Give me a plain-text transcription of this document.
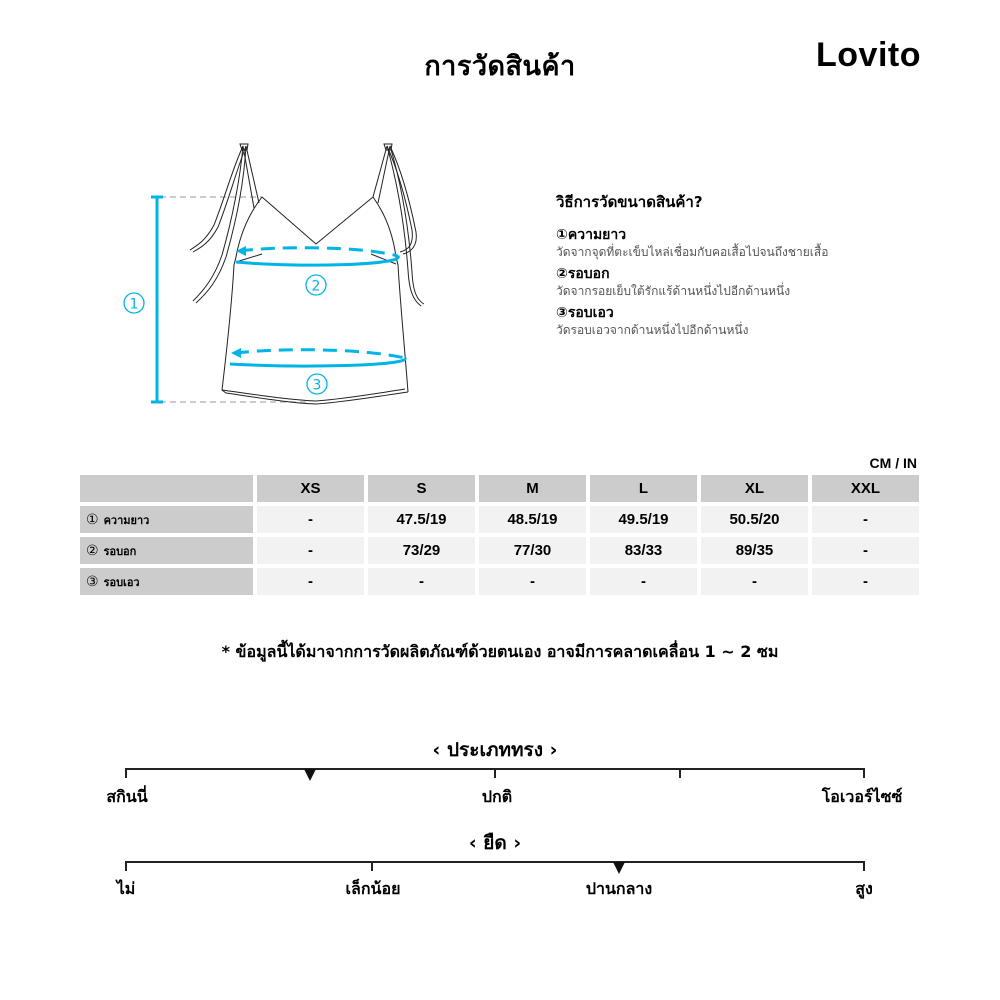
การวัดสินค้า	Lovito
1
2
3
วิธีการวัดขนาดสินค้า?
①ความยาว
วัดจากจุดที่ตะเข็บไหล่เชื่อมกับคอเสื้อไปจนถึงชายเสื้อ
②รอบอก
วัดจากรอยเย็บใต้รักแร้ด้านหนึ่งไปอีกด้านหนึ่ง
③รอบเอว
วัดรอบเอวจากด้านหนึ่งไปอีกด้านหนึ่ง
CM / IN
XS	S	M	L	XL	XXL
① ความยาว	-	47.5/19	48.5/19	49.5/19	50.5/20	-
② รอบอก	-	73/29	77/30	83/33	89/35	-
③ รอบเอว	-	-	-	-	-	-
* ข้อมูลนี้ได้มาจากการวัดผลิตภัณฑ์ด้วยตนเอง อาจมีการคลาดเคลื่อน 1 ~ 2 ซม
‹ ประเภททรง ›
สกินนี่	ปกติ	โอเวอร์ไซซ์
‹ ยืด ›
ไม่	เล็กน้อย	ปานกลาง	สูง
